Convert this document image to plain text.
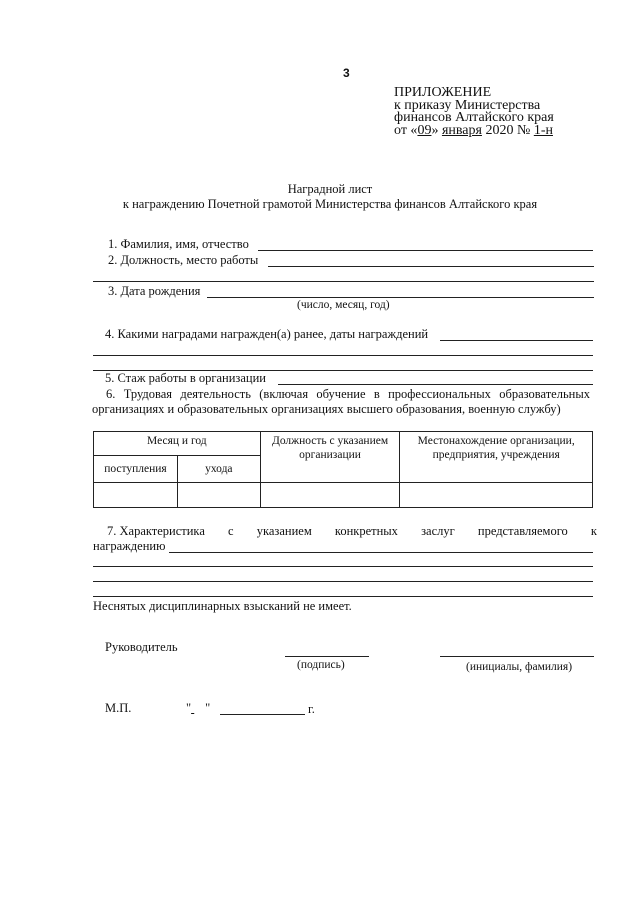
3
ПРИЛОЖЕНИЕ
к приказу Министерства
финансов Алтайского края
от «09» января 2020 № 1-н
Наградной лист
к награждению Почетной грамотой Министерства финансов Алтайского края
1. Фамилия, имя, отчество
2. Должность, место работы
3. Дата рождения
(число, месяц, год)
4. Какими наградами награжден(а) ранее, даты награждений
5. Стаж работы в организации
6. Трудовая деятельность (включая обучение в профессиональных образовательных организациях и образовательных организациях высшего образования, военную службу)
Месяц и год		Должность с указанием организации	Местонахождение организации, предприятия, учреждения
поступления	ухода		

7. Характеристика с указанием конкретных заслуг представляемого к
награждению
Неснятых дисциплинарных взысканий не имеет.
Руководитель
(подпись)	(инициалы, фамилия)
М.П.	" "	г.
